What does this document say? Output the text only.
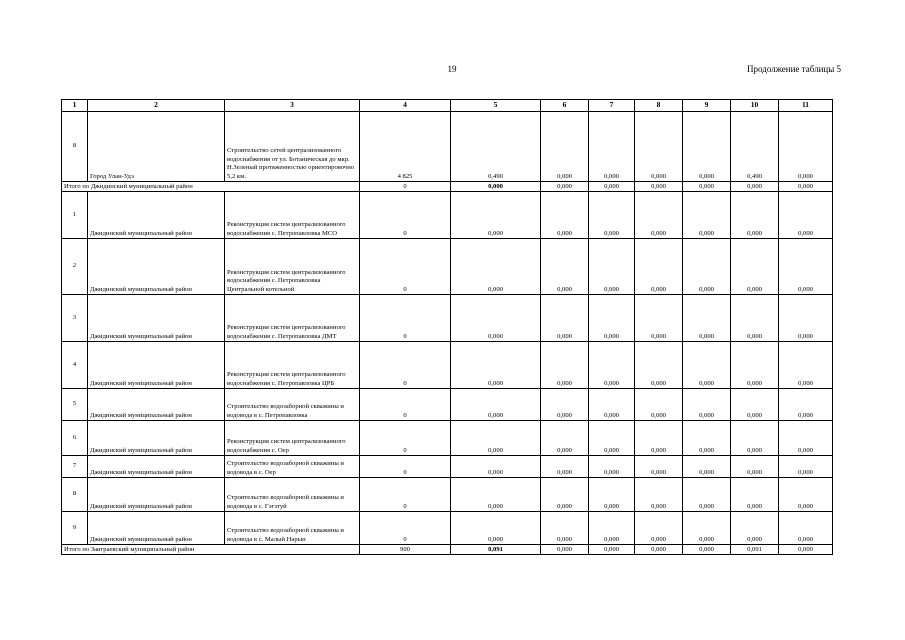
19	Продолжение таблицы 5
1	2	3	4	5	6	7	8	9	10	11
8	Город Улан-Удэ	Строительство сетей централизованного водоснабжения от ул. Ботаническая до мкр. Н.Зеленый протяженностью ориентировочно 5,2 км.	4 825	0,490	0,000	0,000	0,000	0,000	0,490	0,000
Итого по Джидинский муниципальный район			0	0,000	0,000	0,000	0,000	0,000	0,000	0,000
1	Джидинский муниципальный район	Реконструкция систем централизованного водоснабжения с. Петропавловка МСО	0	0,000	0,000	0,000	0,000	0,000	0,000	0,000
2	Джидинский муниципальный район	Реконструкция систем централизованного водоснабжения с. Петропавловка Центральной котельной	0	0,000	0,000	0,000	0,000	0,000	0,000	0,000
3	Джидинский муниципальный район	Реконструкция систем централизованного водоснабжения с. Петропавловка ДМТ	0	0,000	0,000	0,000	0,000	0,000	0,000	0,000
4	Джидинский муниципальный район	Реконструкция систем централизованного водоснабжения с. Петропавловка ЦРБ	0	0,000	0,000	0,000	0,000	0,000	0,000	0,000
5	Джидинский муниципальный район	Строительство водозаборной скважины и водовода в с. Петропавловка	0	0,000	0,000	0,000	0,000	0,000	0,000	0,000
6	Джидинский муниципальный район	Реконструкция систем централизованного водоснабжения с. Оер	0	0,000	0,000	0,000	0,000	0,000	0,000	0,000
7	Джидинский муниципальный район	Строительство водозаборной скважины и водовода в с. Оер	0	0,000	0,000	0,000	0,000	0,000	0,000	0,000
8	Джидинский муниципальный район	Строительство водозаборной скважины и водовода в с. Гэгэтуй	0	0,000	0,000	0,000	0,000	0,000	0,000	0,000
9	Джидинский муниципальный район	Строительство водозаборной скважины и водовода в с. Малый Нарын	0	0,000	0,000	0,000	0,000	0,000	0,000	0,000
Итого по Заиграевский муниципальный район			900	0,091	0,000	0,000	0,000	0,000	0,091	0,000
